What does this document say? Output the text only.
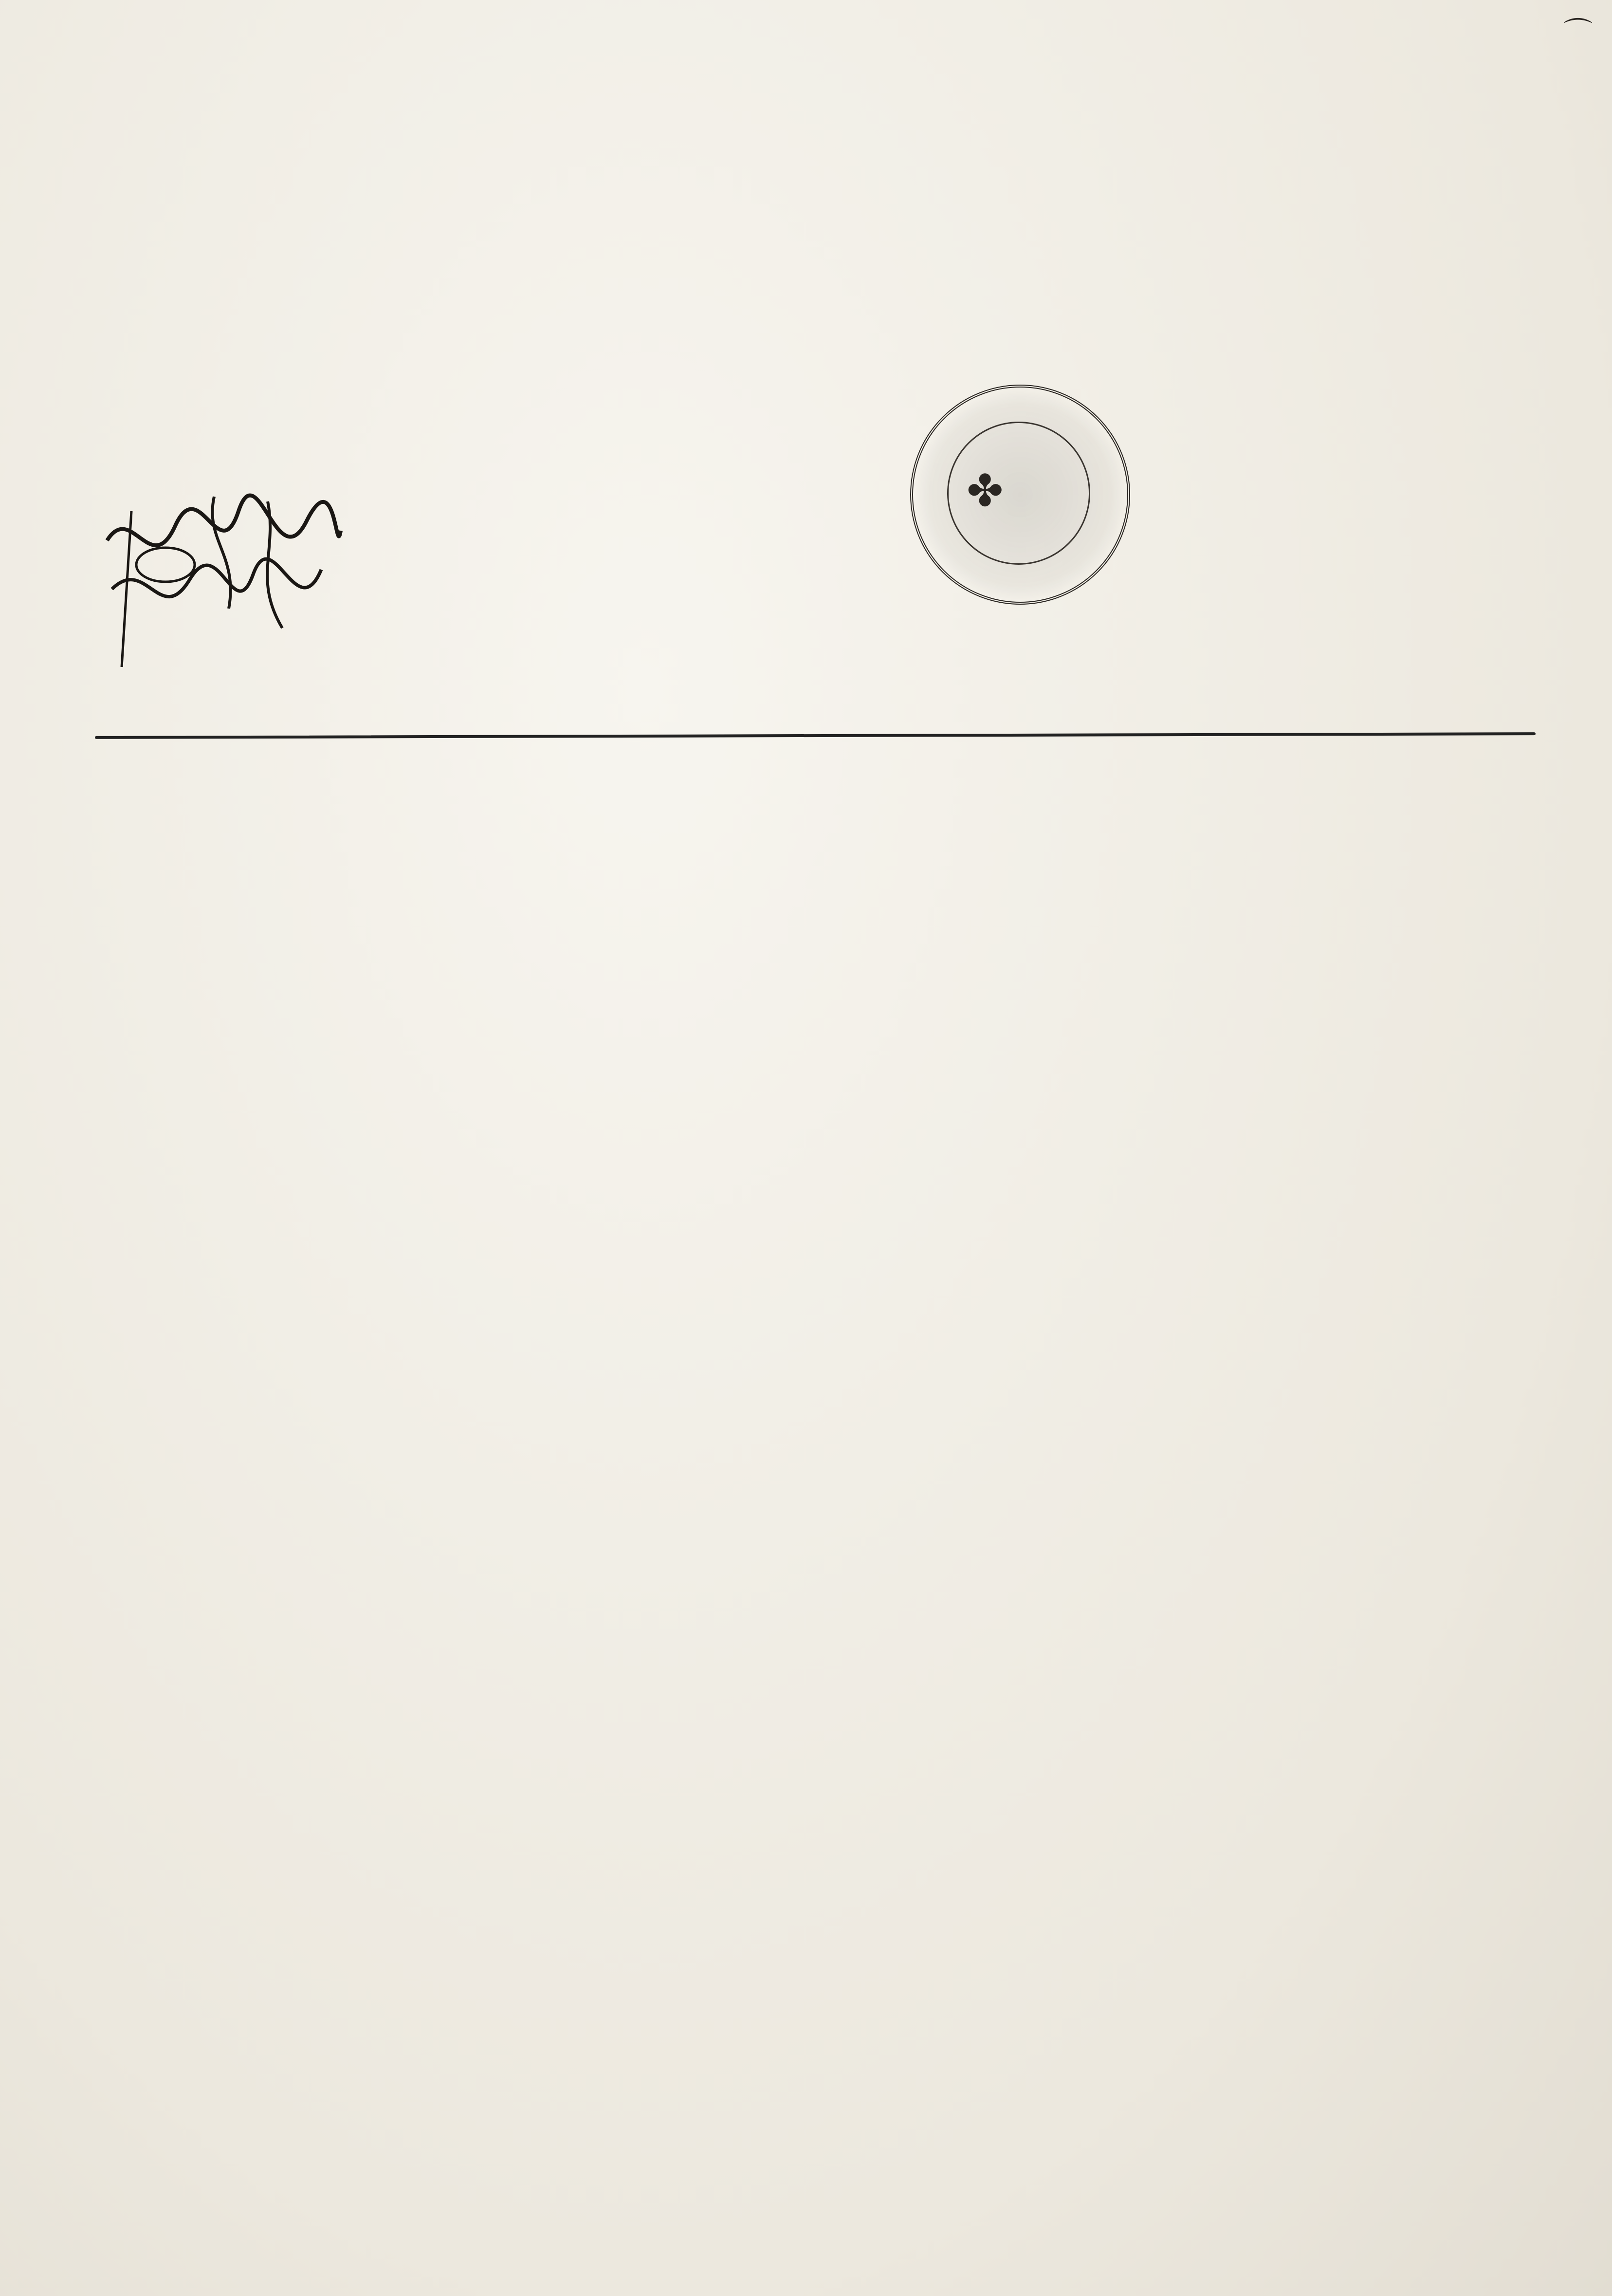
⌒
✤
